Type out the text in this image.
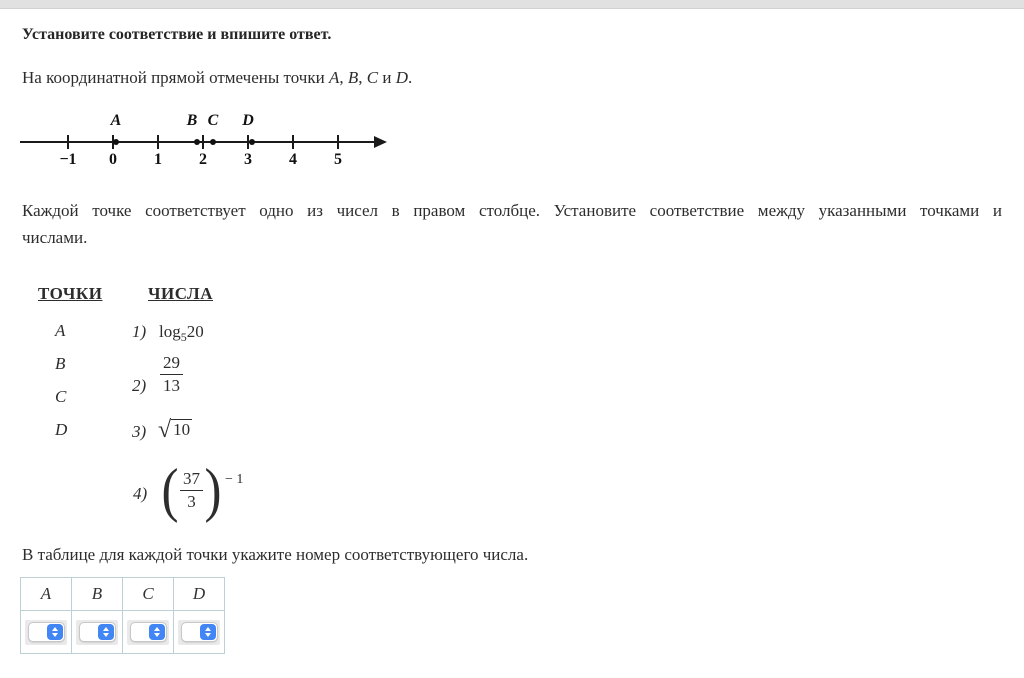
Установите соответствие и впишите ответ.
На координатной прямой отмечены точки A, B, C и D.
−1	0	1	2	3	4	5
A	B C	D
Каждой точке соответствует одно из чисел в правом столбце. Установите соответствие между указанными точками и
числами.
ТОЧКИ	ЧИСЛА
A
B
C
D
1) $\log_520$
$2) \frac{29}{13}$
3) √ 10
4) ( $\frac{37}{3}$ ) − 1
В таблице для каждой точки укажите номер соответствующего числа.
A	B	C	D
